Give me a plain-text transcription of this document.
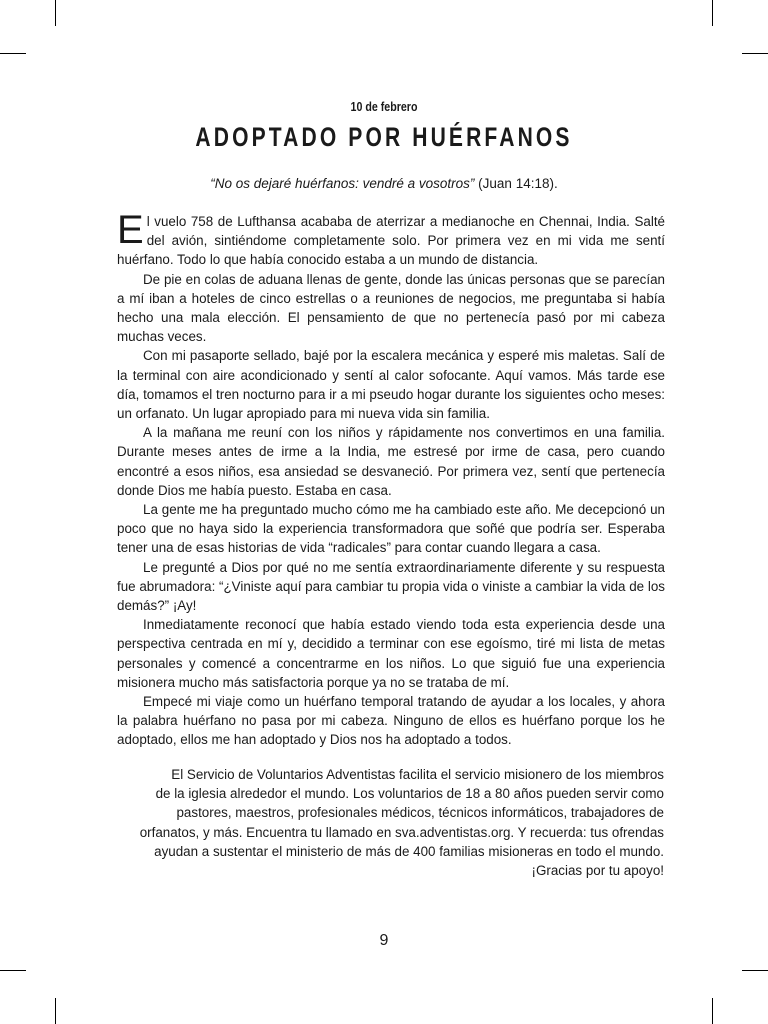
10 de febrero
ADOPTADO POR HUÉRFANOS
“No os dejaré huérfanos: vendré a vosotros” (Juan 14:18).

El vuelo 758 de Lufthansa acababa de aterrizar a medianoche en Chennai, India. Salté del avión, sintiéndome completamente solo. Por primera vez en mi vida me sentí huérfano. Todo lo que había conocido estaba a un mundo de distancia.

De pie en colas de aduana llenas de gente, donde las únicas personas que se parecían a mí iban a hoteles de cinco estrellas o a reuniones de negocios, me preguntaba si había hecho una mala elección. El pensamiento de que no pertenecía pasó por mi cabeza muchas veces.

Con mi pasaporte sellado, bajé por la escalera mecánica y esperé mis maletas. Salí de la terminal con aire acondicionado y sentí al calor sofocante. Aquí vamos. Más tarde ese día, tomamos el tren nocturno para ir a mi pseudo hogar durante los siguientes ocho meses: un orfanato. Un lugar apropiado para mi nueva vida sin familia.

A la mañana me reuní con los niños y rápidamente nos convertimos en una familia. Durante meses antes de irme a la India, me estresé por irme de casa, pero cuando encontré a esos niños, esa ansiedad se desvaneció. Por primera vez, sentí que pertenecía donde Dios me había puesto. Estaba en casa.

La gente me ha preguntado mucho cómo me ha cambiado este año. Me decepcionó un poco que no haya sido la experiencia transformadora que soñé que podría ser. Esperaba tener una de esas historias de vida “radicales” para contar cuando llegara a casa.

Le pregunté a Dios por qué no me sentía extraordinariamente diferente y su respuesta fue abrumadora: “¿Viniste aquí para cambiar tu propia vida o viniste a cambiar la vida de los demás?” ¡Ay!

Inmediatamente reconocí que había estado viendo toda esta experiencia desde una perspectiva centrada en mí y, decidido a terminar con ese egoísmo, tiré mi lista de metas personales y comencé a concentrarme en los niños. Lo que siguió fue una experiencia misionera mucho más satisfactoria porque ya no se trataba de mí.

Empecé mi viaje como un huérfano temporal tratando de ayudar a los locales, y ahora la palabra huérfano no pasa por mi cabeza. Ninguno de ellos es huérfano porque los he adoptado, ellos me han adoptado y Dios nos ha adoptado a todos.

El Servicio de Voluntarios Adventistas facilita el servicio misionero de los miembros
de la iglesia alrededor el mundo. Los voluntarios de 18 a 80 años pueden servir como
pastores, maestros, profesionales médicos, técnicos informáticos, trabajadores de
orfanatos, y más. Encuentra tu llamado en sva.adventistas.org. Y recuerda: tus ofrendas
ayudan a sustentar el ministerio de más de 400 familias misioneras en todo el mundo.
¡Gracias por tu apoyo!
9
